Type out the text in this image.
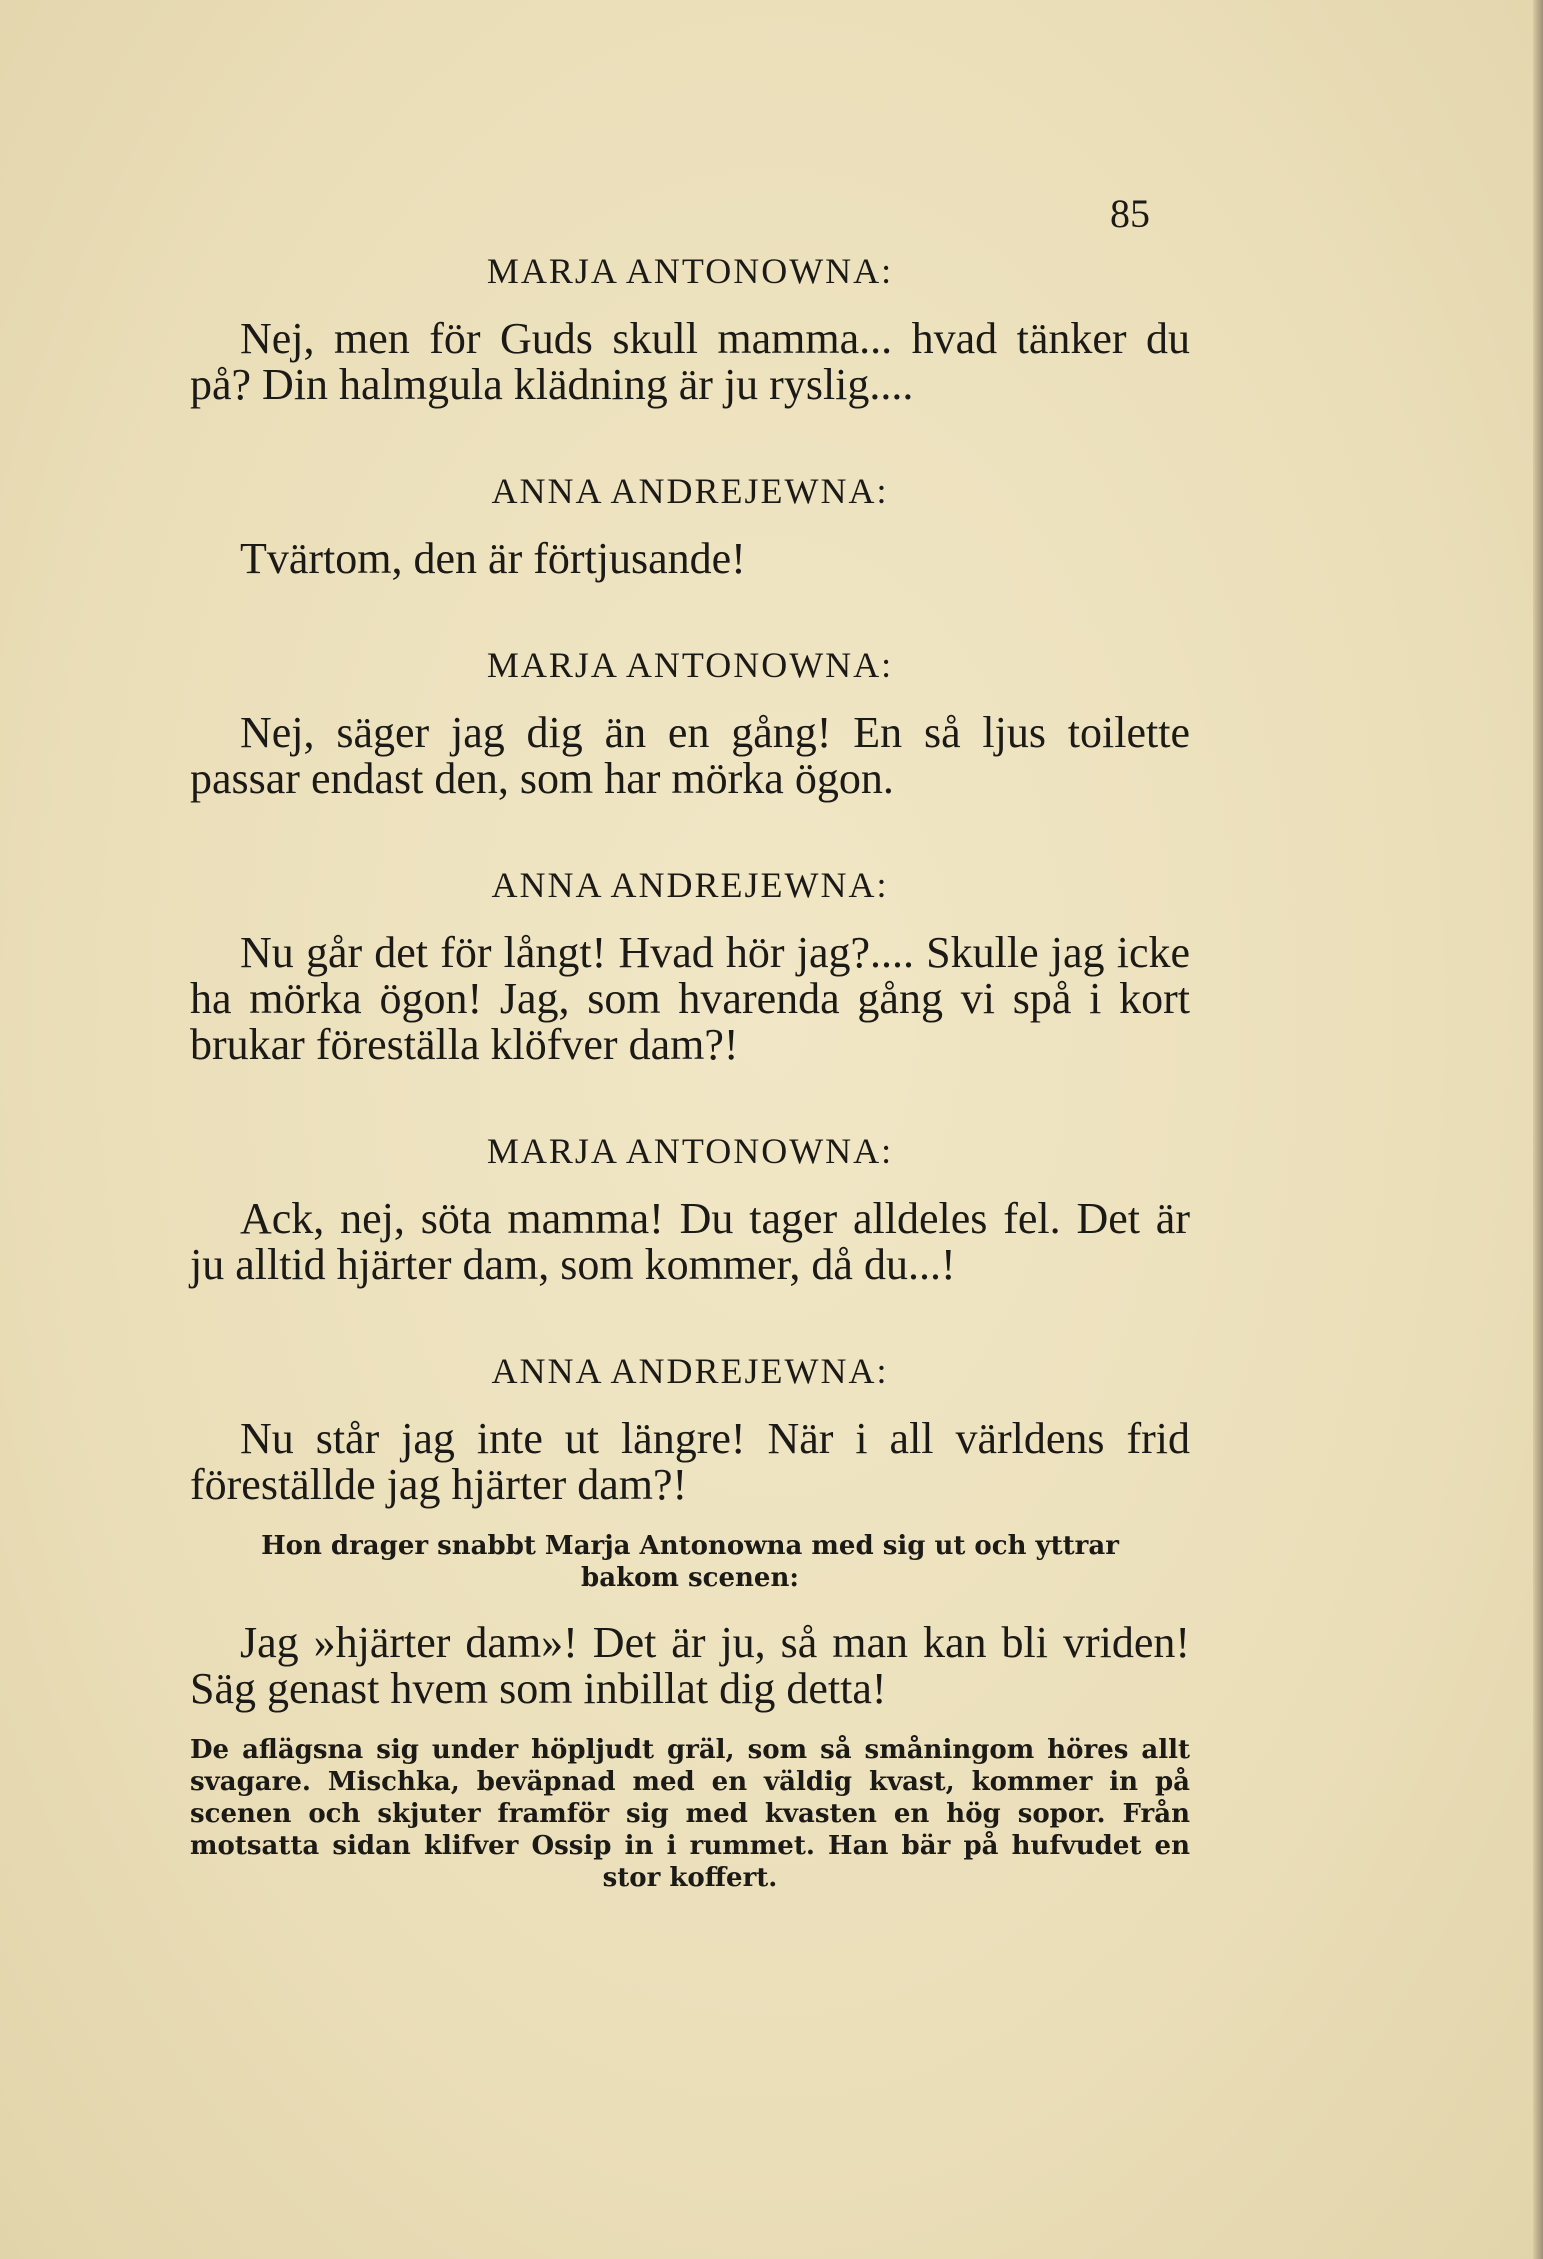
85
MARJA ANTONOWNA:

Nej, men för Guds skull mamma... hvad tänker du på? Din halmgula klädning är ju ryslig....

ANNA ANDREJEWNA:

Tvärtom, den är förtjusande!

MARJA ANTONOWNA:

Nej, säger jag dig än en gång! En så ljus toilette passar endast den, som har mörka ögon.

ANNA ANDREJEWNA:

Nu går det för långt! Hvad hör jag?.... Skulle jag icke ha mörka ögon! Jag, som hvarenda gång vi spå i kort brukar föreställa klöfver dam?!

MARJA ANTONOWNA:

Ack, nej, söta mamma! Du tager alldeles fel. Det är ju alltid hjärter dam, som kommer, då du...!

ANNA ANDREJEWNA:

Nu står jag inte ut längre! När i all världens frid föreställde jag hjärter dam?!

Hon drager snabbt Marja Antonowna med sig ut och yttrar bakom scenen:

Jag »hjärter dam»! Det är ju, så man kan bli vriden! Säg genast hvem som inbillat dig detta!

De aflägsna sig under höpljudt gräl, som så småningom höres allt svagare. Mischka, beväpnad med en väldig kvast, kommer in på scenen och skjuter framför sig med kvasten en hög sopor. Från motsatta sidan klifver Ossip in i rummet. Han bär på hufvudet en stor koffert.
